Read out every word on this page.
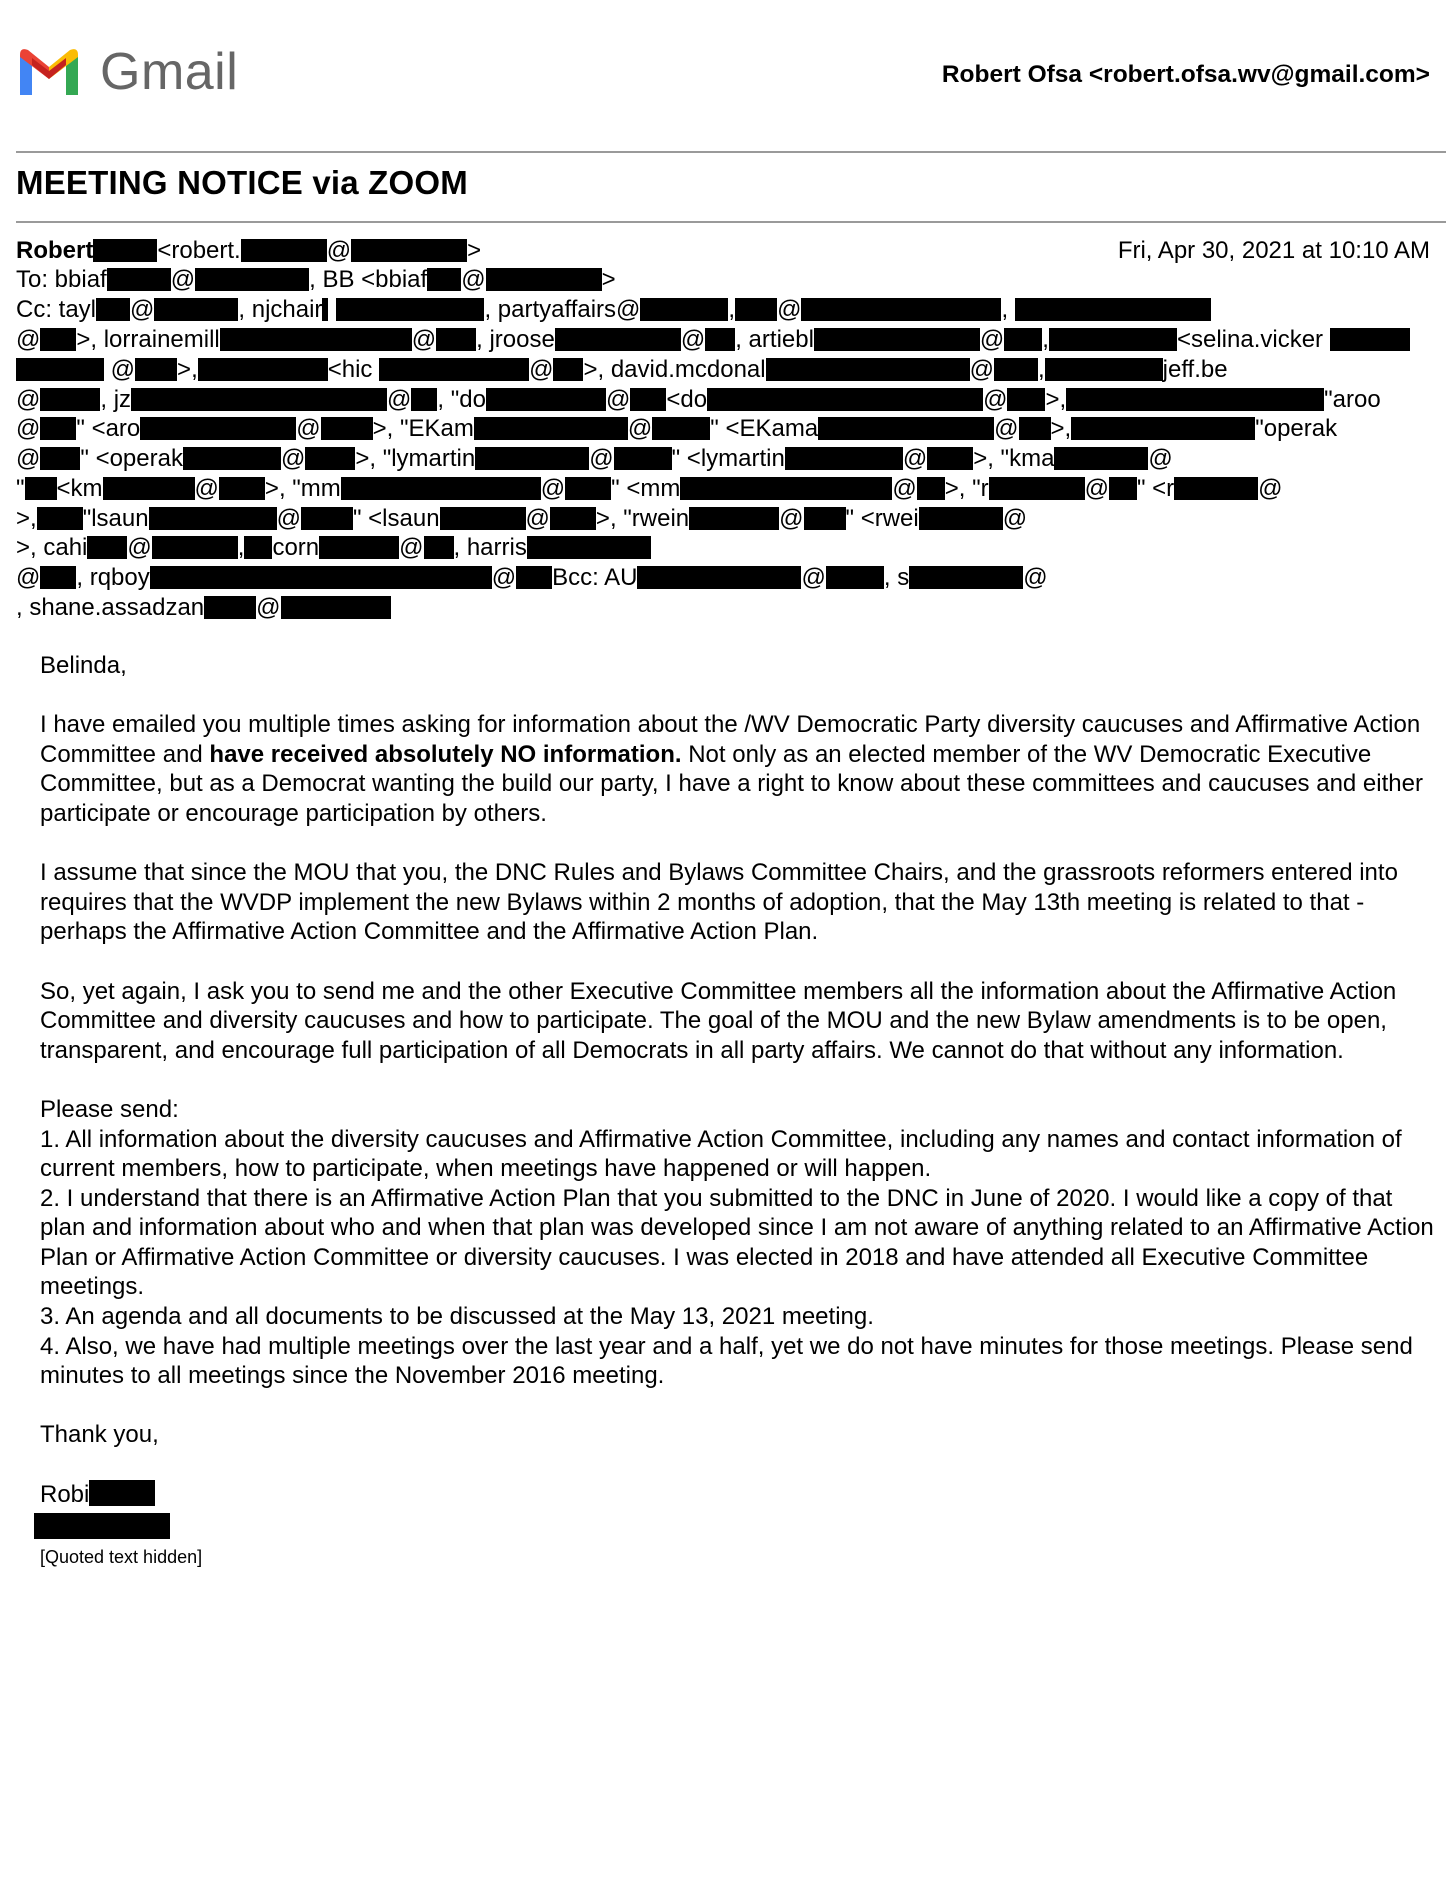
Gmail	Robert Ofsa <robert.ofsa.wv@gmail.com>
MEETING NOTICE via ZOOM
Fri, Apr 30, 2021 at 10:10 AM
Robert	<robert.	@	>
To: bbiaf	@	, BB <bbiaf @	>
Cc: tayl @	, njchair	, partyaffairs@	, @	,
@ >, lorrainemill	@ , jroose	@ , artiebl	@ ,	<selina.vicker
@ >,	<hic	@ >, david.mcdonal	@ ,	jeff.be
@	, jz	@ , "do	@ <do	@ >,	"aroo
@ " <aro	@ >, "EKam	@ " <EKama	@ >,	"operak
@ " <operak	@ >, "lymartin	@ " <lymartin	@ >, "kma	@
" <km	@ >, "mm	@ " <mm	@ >, "r	@ " <r	@
>, "lsaun	@ " <lsaun	@ >, "rwein	@ " <rwei	@
>, cahi @	, corn	@ , harris
@ , rqboy	@ Bcc: AU	@ , s	@
, shane.assadzan @

Belinda,

I have emailed you multiple times asking for information about the /WV Democratic Party diversity caucuses and Affirmative Action Committee and have received absolutely NO information. Not only as an elected member of the WV Democratic Executive Committee, but as a Democrat wanting the build our party, I have a right to know about these committees and caucuses and either participate or encourage participation by others.

I assume that since the MOU that you, the DNC Rules and Bylaws Committee Chairs, and the grassroots reformers entered into requires that the WVDP implement the new Bylaws within 2 months of adoption, that the May 13th meeting is related to that - perhaps the Affirmative Action Committee and the Affirmative Action Plan.

So, yet again, I ask you to send me and the other Executive Committee members all the information about the Affirmative Action Committee and diversity caucuses and how to participate. The goal of the MOU and the new Bylaw amendments is to be open, transparent, and encourage full participation of all Democrats in all party affairs. We cannot do that without any information.

Please send:
1. All information about the diversity caucuses and Affirmative Action Committee, including any names and contact information of current members, how to participate, when meetings have happened or will happen.
2. I understand that there is an Affirmative Action Plan that you submitted to the DNC in June of 2020. I would like a copy of that plan and information about who and when that plan was developed since I am not aware of anything related to an Affirmative Action Plan or Affirmative Action Committee or diversity caucuses. I was elected in 2018 and have attended all Executive Committee meetings.
3. An agenda and all documents to be discussed at the May 13, 2021 meeting.
4. Also, we have had multiple meetings over the last year and a half, yet we do not have minutes for those meetings. Please send minutes to all meetings since the November 2016 meeting.

Thank you,

Robi
[Quoted text hidden]
